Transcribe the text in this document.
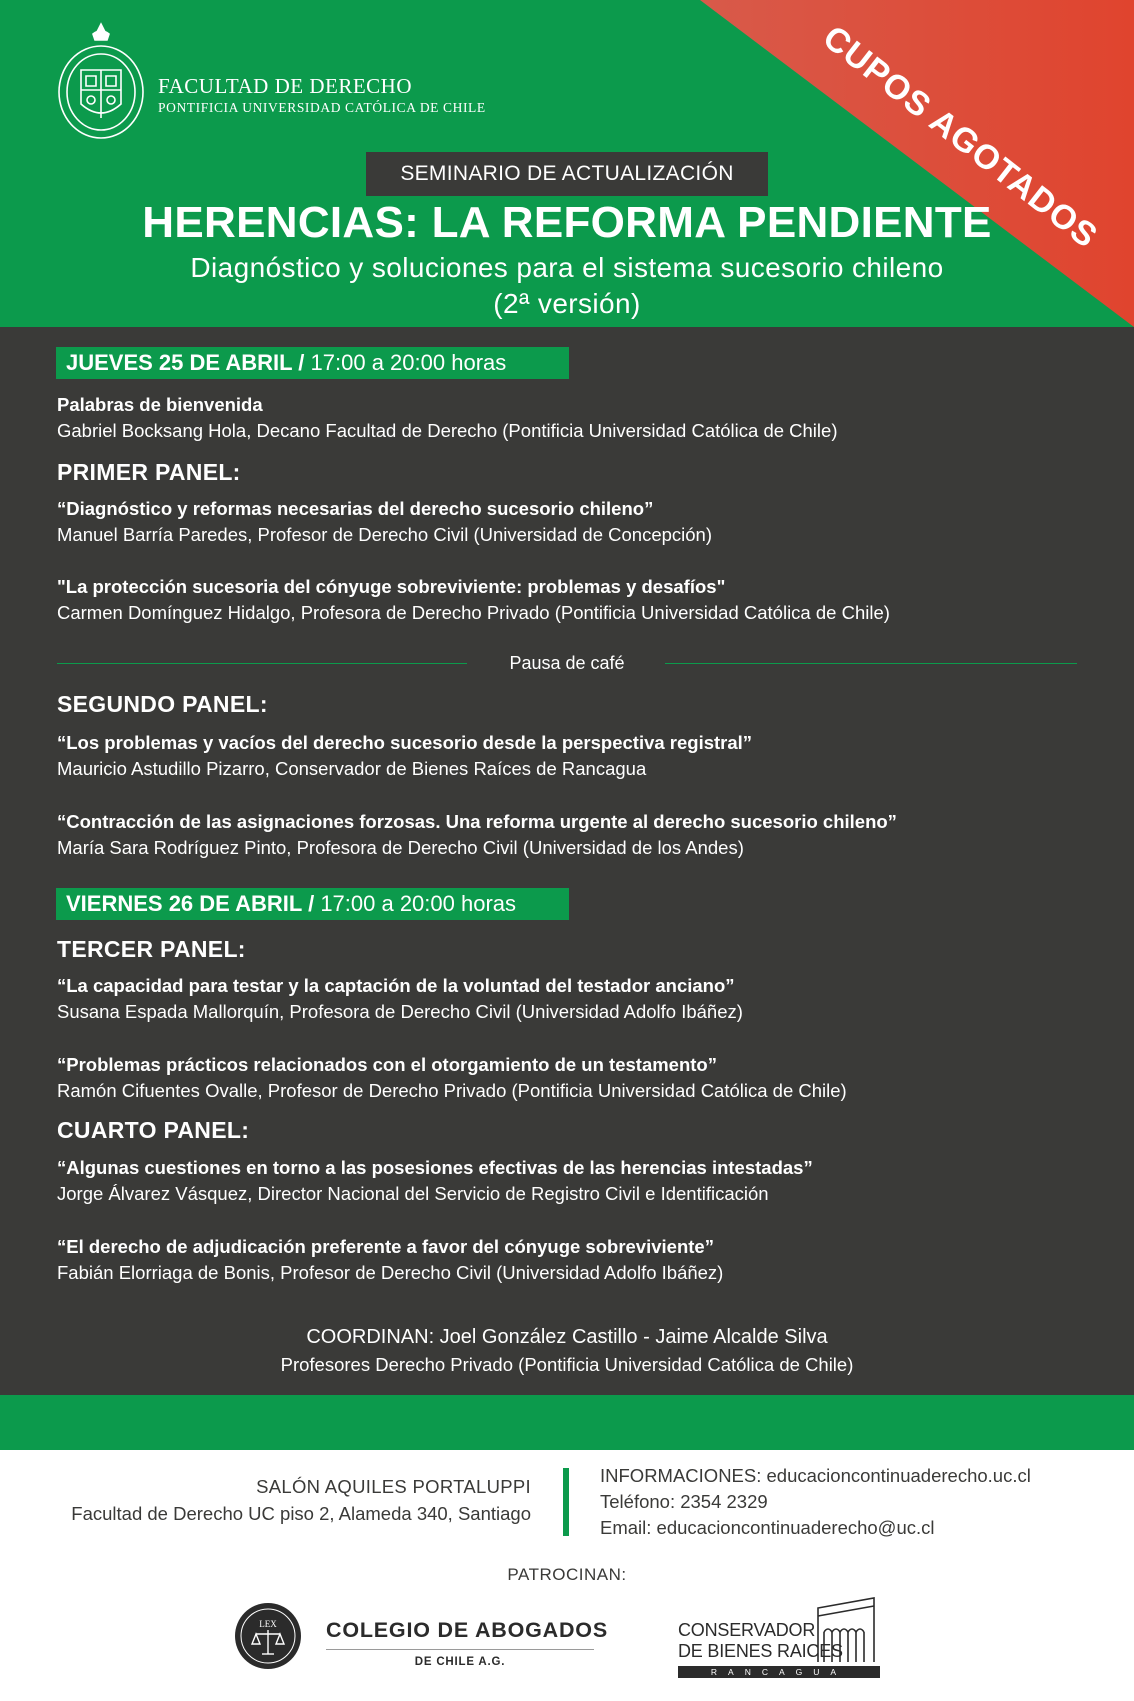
CUPOS AGOTADOS
FACULTAD DE DERECHO
PONTIFICIA UNIVERSIDAD CATÓLICA DE CHILE
SEMINARIO DE ACTUALIZACIÓN
HERENCIAS: LA REFORMA PENDIENTE
Diagnóstico y soluciones para el sistema sucesorio chileno
(2ª versión)
JUEVES 25 DE ABRIL / 17:00 a 20:00 horas
Palabras de bienvenida
Gabriel Bocksang Hola, Decano Facultad de Derecho (Pontificia Universidad Católica de Chile)
PRIMER PANEL:
“Diagnóstico y reformas necesarias del derecho sucesorio chileno”
Manuel Barría Paredes, Profesor de Derecho Civil (Universidad de Concepción)
"La protección sucesoria del cónyuge sobreviviente: problemas y desafíos"
Carmen Domínguez Hidalgo, Profesora de Derecho Privado (Pontificia Universidad Católica de Chile)
Pausa de café
SEGUNDO PANEL:
“Los problemas y vacíos del derecho sucesorio desde la perspectiva registral”
Mauricio Astudillo Pizarro, Conservador de Bienes Raíces de Rancagua
“Contracción de las asignaciones forzosas. Una reforma urgente al derecho sucesorio chileno”
María Sara Rodríguez Pinto, Profesora de Derecho Civil (Universidad de los Andes)
VIERNES 26 DE ABRIL / 17:00 a 20:00 horas
TERCER PANEL:
“La capacidad para testar y la captación de la voluntad del testador anciano”
Susana Espada Mallorquín, Profesora de Derecho Civil (Universidad Adolfo Ibáñez)
“Problemas prácticos relacionados con el otorgamiento de un testamento”
Ramón Cifuentes Ovalle, Profesor de Derecho Privado (Pontificia Universidad Católica de Chile)
CUARTO PANEL:
“Algunas cuestiones en torno a las posesiones efectivas de las herencias intestadas”
Jorge Álvarez Vásquez, Director Nacional del Servicio de Registro Civil e Identificación
“El derecho de adjudicación preferente a favor del cónyuge sobreviviente”
Fabián Elorriaga de Bonis, Profesor de Derecho Civil (Universidad Adolfo Ibáñez)
COORDINAN: Joel González Castillo - Jaime Alcalde Silva
Profesores Derecho Privado (Pontificia Universidad Católica de Chile)
SALÓN AQUILES PORTALUPPI
Facultad de Derecho UC piso 2, Alameda 340, Santiago
INFORMACIONES: educacioncontinuaderecho.uc.cl
Teléfono: 2354 2329
Email: educacioncontinuaderecho@uc.cl
PATROCINAN:
LEX COLEGIO DE ABOGADOS
DE CHILE A.G.
CONSERVADOR
DE BIENES RAICES
RANCAGUA
